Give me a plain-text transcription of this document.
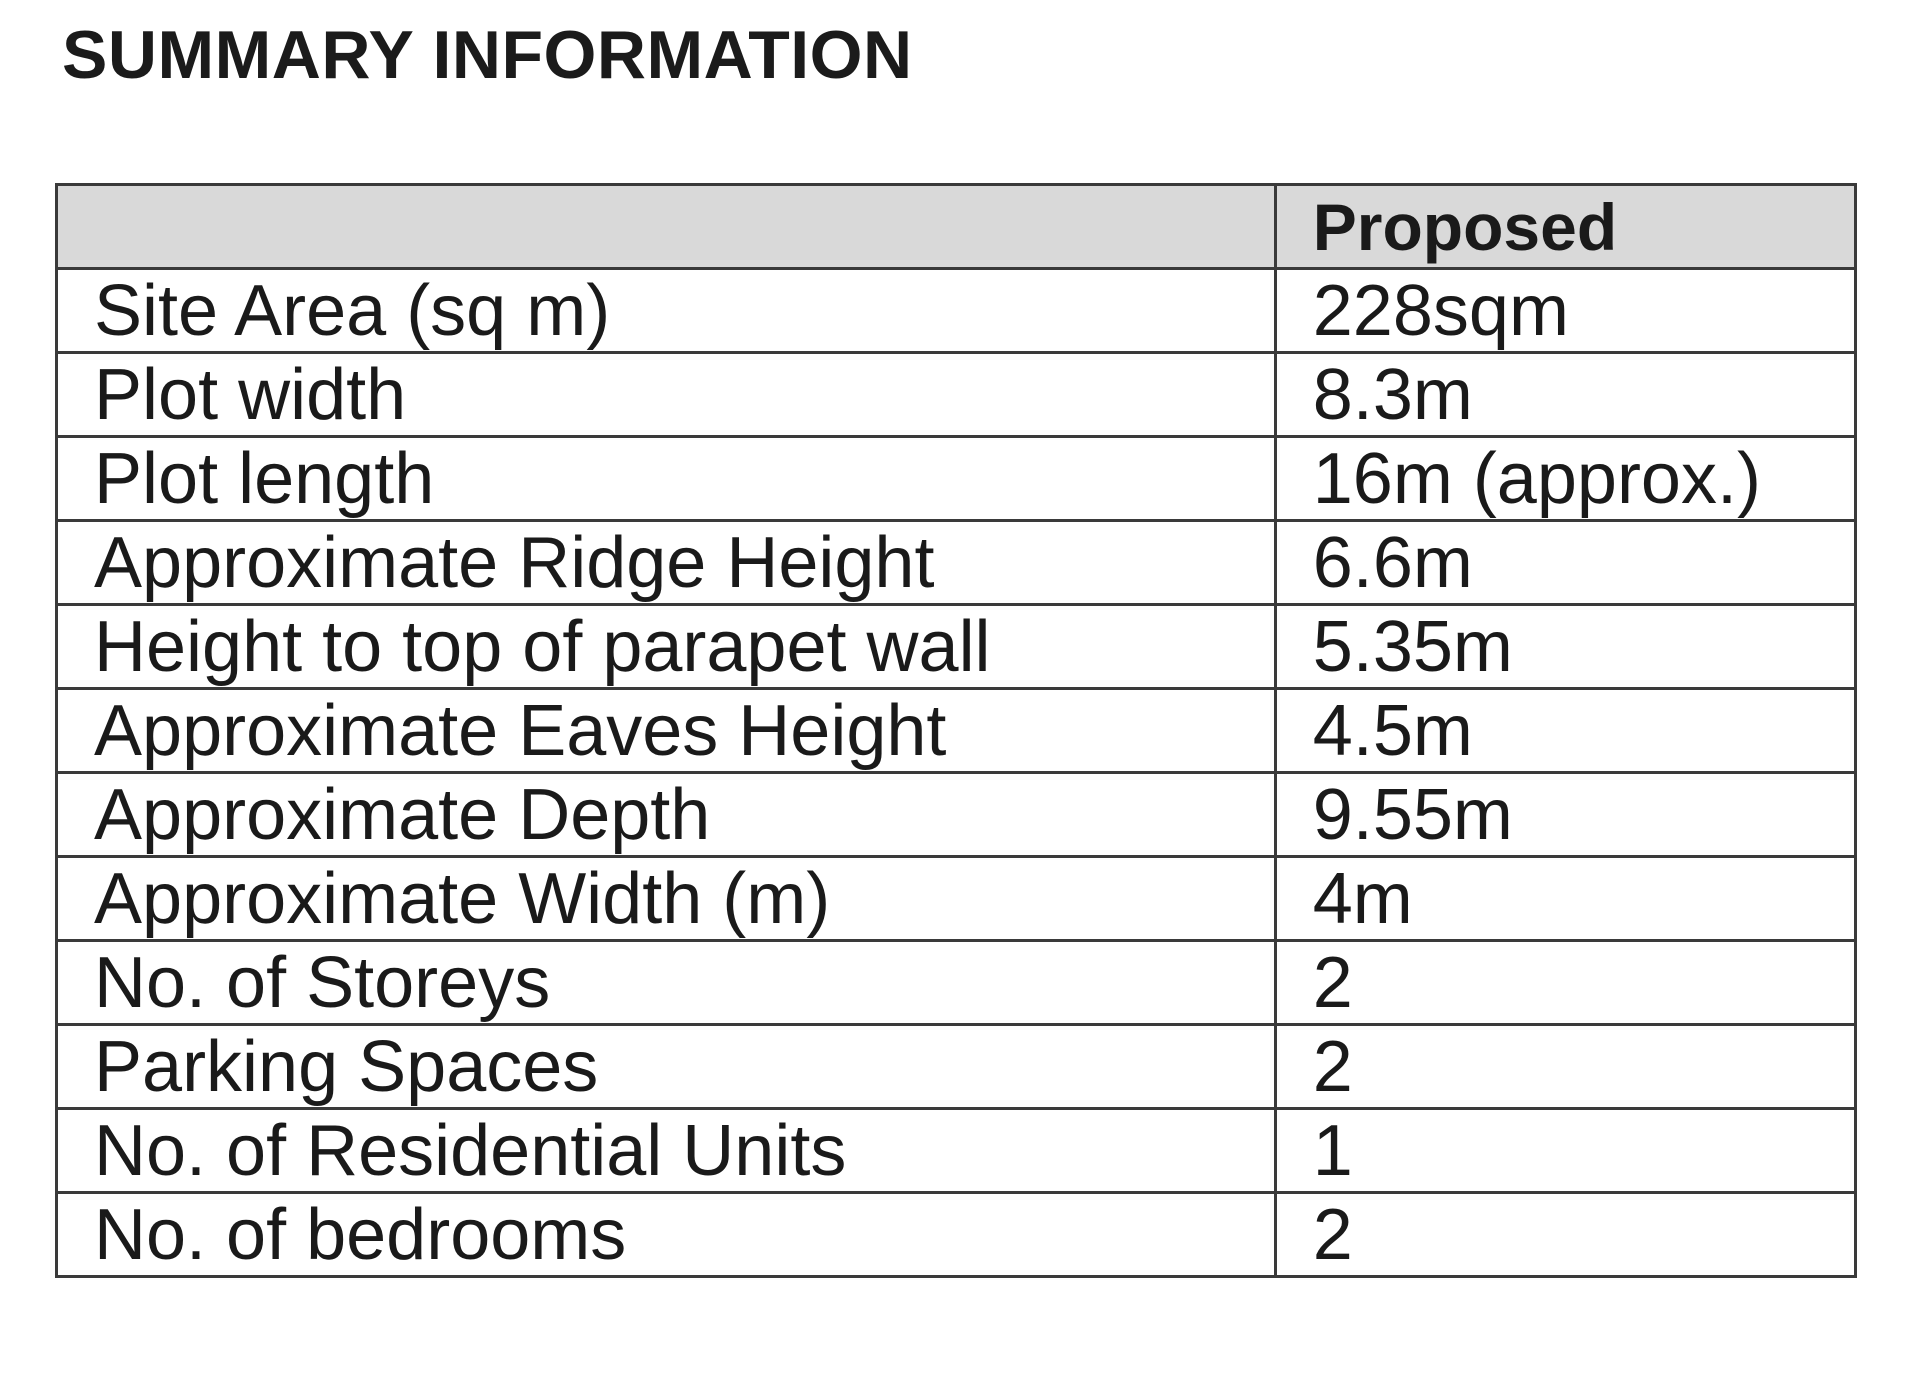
SUMMARY INFORMATION
	Proposed
Site Area (sq m)	228sqm
Plot width	8.3m
Plot length	16m (approx.)
Approximate Ridge Height	6.6m
Height to top of parapet wall	5.35m
Approximate Eaves Height	4.5m
Approximate Depth	9.55m
Approximate Width (m)	4m
No. of Storeys	2
Parking Spaces	2
No. of Residential Units	1
No. of bedrooms	2
